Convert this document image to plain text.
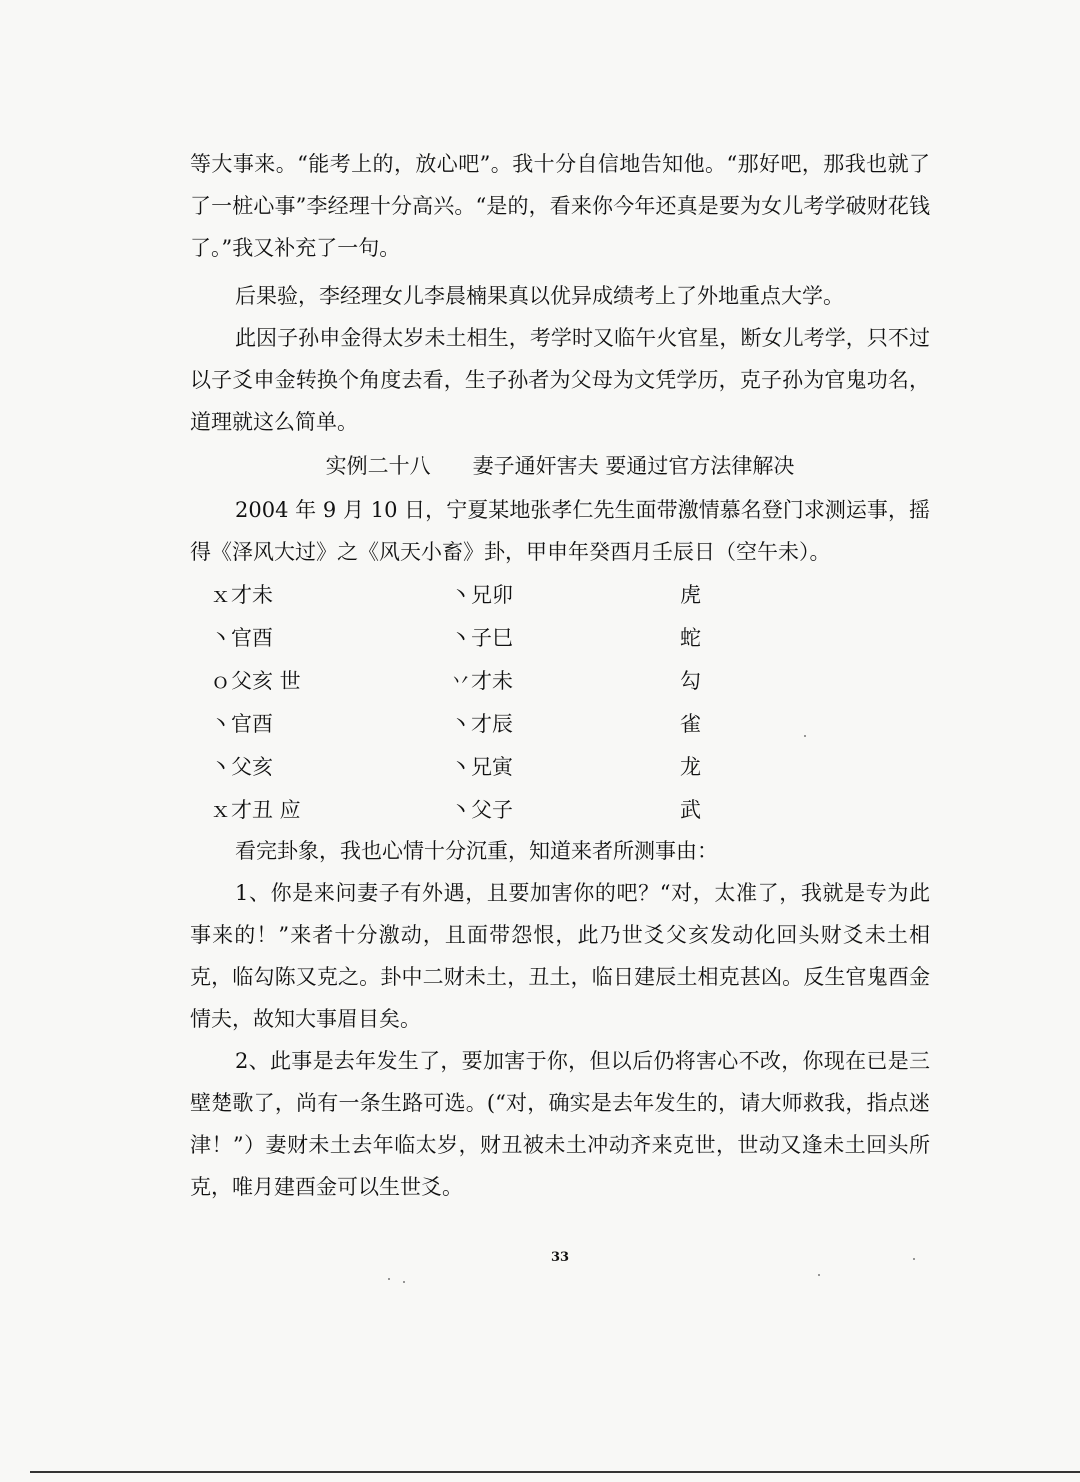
等大事来。“能考上的，放心吧”。我十分自信地告知他。“那好吧，那我也就了了一桩心事”李经理十分高兴。“是的，看来你今年还真是要为女儿考学破财花钱了。”我又补充了一句。
后果验，李经理女儿李晨楠果真以优异成绩考上了外地重点大学。
此因子孙申金得太岁未土相生，考学时又临午火官星，断女儿考学，只不过以子爻申金转换个角度去看，生子孙者为父母为文凭学历，克子孙为官鬼功名，道理就这么简单。
实例二十八　　妻子通奸害夫 要通过官方法律解决
2004 年 9 月 10 日，宁夏某地张孝仁先生面带激情慕名登门求测运事，摇得《泽风大过》之《风天小畜》卦，甲申年癸酉月壬辰日（空午未）。
ｘ才未	丶兄卯	虎
丶官酉	丶子巳	蛇
ｏ父亥 世	丷才未	勾
丶官酉	丶才辰	雀
丶父亥	丶兄寅	龙
ｘ才丑 应	丶父子	武
看完卦象，我也心情十分沉重，知道来者所测事由：
1、你是来问妻子有外遇，且要加害你的吧？“对，太准了，我就是专为此事来的！”来者十分激动，且面带怨恨，此乃世爻父亥发动化回头财爻未土相克，临勾陈又克之。卦中二财未土，丑土，临日建辰土相克甚凶。反生官鬼酉金情夫，故知大事眉目矣。
2、此事是去年发生了，要加害于你，但以后仍将害心不改，你现在已是三壁楚歌了，尚有一条生路可选。(“对，确实是去年发生的，请大师救我，指点迷津！”）妻财未土去年临太岁，财丑被未土冲动齐来克世，世动又逢未土回头所克，唯月建酉金可以生世爻。
33
